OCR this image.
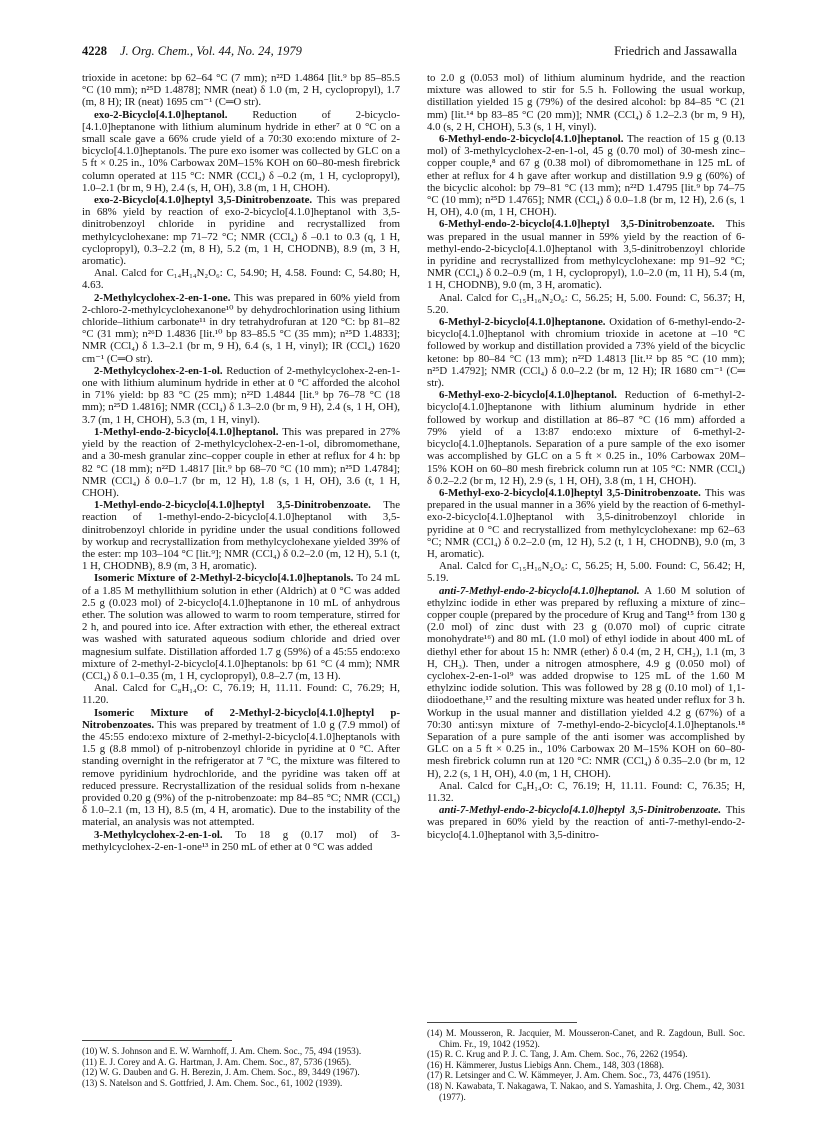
4228 J. Org. Chem., Vol. 44, No. 24, 1979	Friedrich and Jassawalla

trioxide in acetone: bp 62–64 °C (7 mm); n²²D 1.4864 [lit.⁹ bp 85–85.5 °C (10 mm); n²⁵D 1.4878]; NMR (neat) δ 1.0 (m, 2 H, cyclopropyl), 1.7 (m, 8 H); IR (neat) 1695 cm⁻¹ (C═O str).

exo-2-Bicyclo[4.1.0]heptanol. Reduction of 2-bicyclo-[4.1.0]heptanone with lithium aluminum hydride in ether⁷ at 0 °C on a small scale gave a 66% crude yield of a 70:30 exo:endo mixture of 2-bicyclo[4.1.0]heptanols. The pure exo isomer was collected by GLC on a 5 ft × 0.25 in., 10% Carbowax 20M–15% KOH on 60–80-mesh firebrick column operated at 115 °C: NMR (CCl₄) δ –0.2 (m, 1 H, cyclopropyl), 1.0–2.1 (br m, 9 H), 2.4 (s, H, OH), 3.8 (m, 1 H, CHOH).

exo-2-Bicyclo[4.1.0]heptyl 3,5-Dinitrobenzoate. This was prepared in 68% yield by reaction of exo-2-bicyclo[4.1.0]heptanol with 3,5-dinitrobenzoyl chloride in pyridine and recrystallized from methylcyclohexane: mp 71–72 °C; NMR (CCl₄) δ –0.1 to 0.3 (q, 1 H, cyclopropyl), 0.3–2.2 (m, 8 H), 5.2 (m, 1 H, CHODNB), 8.9 (m, 3 H, aromatic).

Anal. Calcd for C₁₄H₁₄N₂O₆: C, 54.90; H, 4.58. Found: C, 54.80; H, 4.63.

2-Methylcyclohex-2-en-1-one. This was prepared in 60% yield from 2-chloro-2-methylcyclohexanone¹⁰ by dehydrochlorination using lithium chloride–lithium carbonate¹¹ in dry tetrahydrofuran at 120 °C: bp 81–82 °C (31 mm); n²⁶D 1.4836 [lit.¹⁰ bp 83–85.5 °C (35 mm); n²⁵D 1.4833]; NMR (CCl₄) δ 1.3–2.1 (br m, 9 H), 6.4 (s, 1 H, vinyl); IR (CCl₄) 1620 cm⁻¹ (C═O str).

2-Methylcyclohex-2-en-1-ol. Reduction of 2-methylcyclohex-2-en-1-one with lithium aluminum hydride in ether at 0 °C afforded the alcohol in 71% yield: bp 83 °C (25 mm); n²²D 1.4844 [lit.⁹ bp 76–78 °C (18 mm); n²⁵D 1.4816]; NMR (CCl₄) δ 1.3–2.0 (br m, 9 H), 2.4 (s, 1 H, OH), 3.7 (m, 1 H, CHOH), 5.3 (m, 1 H, vinyl).

1-Methyl-endo-2-bicyclo[4.1.0]heptanol. This was prepared in 27% yield by the reaction of 2-methylcyclohex-2-en-1-ol, dibromomethane, and a 30-mesh granular zinc–copper couple in ether at reflux for 4 h: bp 82 °C (18 mm); n²²D 1.4817 [lit.⁹ bp 68–70 °C (10 mm); n²⁵D 1.4784]; NMR (CCl₄) δ 0.0–1.7 (br m, 12 H), 1.8 (s, 1 H, OH), 3.6 (t, 1 H, CHOH).

1-Methyl-endo-2-bicyclo[4.1.0]heptyl 3,5-Dinitrobenzoate. The reaction of 1-methyl-endo-2-bicyclo[4.1.0]heptanol with 3,5-dinitrobenzoyl chloride in pyridine under the usual conditions followed by workup and recrystallization from methylcyclohexane yielded 39% of the ester: mp 103–104 °C [lit.⁹]; NMR (CCl₄) δ 0.2–2.0 (m, 12 H), 5.1 (t, 1 H, CHODNB), 8.9 (m, 3 H, aromatic).

Isomeric Mixture of 2-Methyl-2-bicyclo[4.1.0]heptanols. To 24 mL of a 1.85 M methyllithium solution in ether (Aldrich) at 0 °C was added 2.5 g (0.023 mol) of 2-bicyclo[4.1.0]heptanone in 10 mL of anhydrous ether. The solution was allowed to warm to room temperature, stirred for 2 h, and poured into ice. After extraction with ether, the ethereal extract was washed with saturated aqueous sodium chloride and dried over magnesium sulfate. Distillation afforded 1.7 g (59%) of a 45:55 endo:exo mixture of 2-methyl-2-bicyclo[4.1.0]heptanols: bp 61 °C (4 mm); NMR (CCl₄) δ 0.1–0.35 (m, 1 H, cyclopropyl), 0.8–2.7 (m, 13 H).

Anal. Calcd for C₈H₁₄O: C, 76.19; H, 11.11. Found: C, 76.29; H, 11.20.

Isomeric Mixture of 2-Methyl-2-bicyclo[4.1.0]heptyl p-Nitrobenzoates. This was prepared by treatment of 1.0 g (7.9 mmol) of the 45:55 endo:exo mixture of 2-methyl-2-bicyclo[4.1.0]heptanols with 1.5 g (8.8 mmol) of p-nitrobenzoyl chloride in pyridine at 0 °C. After standing overnight in the refrigerator at 7 °C, the mixture was filtered to remove pyridinium hydrochloride, and the pyridine was taken off at reduced pressure. Recrystallization of the residual solids from n-hexane provided 0.20 g (9%) of the p-nitrobenzoate: mp 84–85 °C; NMR (CCl₄) δ 1.0–2.1 (m, 13 H), 8.5 (m, 4 H, aromatic). Due to the instability of the material, an analysis was not attempted.

3-Methylcyclohex-2-en-1-ol. To 18 g (0.17 mol) of 3-methylcyclohex-2-en-1-one¹³ in 250 mL of ether at 0 °C was added

to 2.0 g (0.053 mol) of lithium aluminum hydride, and the reaction mixture was allowed to stir for 5.5 h. Following the usual workup, distillation yielded 15 g (79%) of the desired alcohol: bp 84–85 °C (21 mm) [lit.¹⁴ bp 83–85 °C (20 mm)]; NMR (CCl₄) δ 1.2–2.3 (br m, 9 H), 4.0 (s, 2 H, CHOH), 5.3 (s, 1 H, vinyl).

6-Methyl-endo-2-bicyclo[4.1.0]heptanol. The reaction of 15 g (0.13 mol) of 3-methylcyclohex-2-en-1-ol, 45 g (0.70 mol) of 30-mesh zinc–copper couple,⁸ and 67 g (0.38 mol) of dibromomethane in 125 mL of ether at reflux for 4 h gave after workup and distillation 9.9 g (60%) of the bicyclic alcohol: bp 79–81 °C (13 mm); n²²D 1.4795 [lit.⁹ bp 74–75 °C (10 mm); n²⁵D 1.4765]; NMR (CCl₄) δ 0.0–1.8 (br m, 12 H), 2.6 (s, 1 H, OH), 4.0 (m, 1 H, CHOH).

6-Methyl-endo-2-bicyclo[4.1.0]heptyl 3,5-Dinitrobenzoate. This was prepared in the usual manner in 59% yield by the reaction of 6-methyl-endo-2-bicyclo[4.1.0]heptanol with 3,5-dinitrobenzoyl chloride in pyridine and recrystallized from methylcyclohexane: mp 91–92 °C; NMR (CCl₄) δ 0.2–0.9 (m, 1 H, cyclopropyl), 1.0–2.0 (m, 11 H), 5.4 (m, 1 H, CHODNB), 9.0 (m, 3 H, aromatic).

Anal. Calcd for C₁₅H₁₆N₂O₆: C, 56.25; H, 5.00. Found: C, 56.37; H, 5.20.

6-Methyl-2-bicyclo[4.1.0]heptanone. Oxidation of 6-methyl-endo-2-bicyclo[4.1.0]heptanol with chromium trioxide in acetone at –10 °C followed by workup and distillation provided a 73% yield of the bicyclic ketone: bp 80–84 °C (13 mm); n²²D 1.4813 [lit.¹² bp 85 °C (10 mm); n²⁵D 1.4792]; NMR (CCl₄) δ 0.0–2.2 (br m, 12 H); IR 1680 cm⁻¹ (C═ str).

6-Methyl-exo-2-bicyclo[4.1.0]heptanol. Reduction of 6-methyl-2-bicyclo[4.1.0]heptanone with lithium aluminum hydride in ether followed by workup and distillation at 86–87 °C (16 mm) afforded a 79% yield of a 13:87 endo:exo mixture of 6-methyl-2-bicyclo[4.1.0]heptanols. Separation of a pure sample of the exo isomer was accomplished by GLC on a 5 ft × 0.25 in., 10% Carbowax 20M–15% KOH on 60–80 mesh firebrick column run at 105 °C: NMR (CCl₄) δ 0.2–2.2 (br m, 12 H), 2.9 (s, 1 H, OH), 3.8 (m, 1 H, CHOH).

6-Methyl-exo-2-bicyclo[4.1.0]heptyl 3,5-Dinitrobenzoate. This was prepared in the usual manner in a 36% yield by the reaction of 6-methyl-exo-2-bicyclo[4.1.0]heptanol with 3,5-dinitrobenzoyl chloride in pyridine at 0 °C and recrystallized from methylcyclohexane: mp 62–63 °C; NMR (CCl₄) δ 0.2–2.0 (m, 12 H), 5.2 (t, 1 H, CHODNB), 9.0 (m, 3 H, aromatic).

Anal. Calcd for C₁₅H₁₆N₂O₆: C, 56.25; H, 5.00. Found: C, 56.42; H, 5.19.

anti-7-Methyl-endo-2-bicyclo[4.1.0]heptanol. A 1.60 M solution of ethylzinc iodide in ether was prepared by refluxing a mixture of zinc–copper couple (prepared by the procedure of Krug and Tang¹⁵ from 130 g (2.0 mol) of zinc dust with 23 g (0.070 mol) of cupric citrate monohydrate¹⁶) and 80 mL (1.0 mol) of ethyl iodide in about 400 mL of diethyl ether for about 15 h: NMR (ether) δ 0.4 (m, 2 H, CH₂), 1.1 (m, 3 H, CH₃). Then, under a nitrogen atmosphere, 4.9 g (0.050 mol) of cyclohex-2-en-1-ol⁹ was added dropwise to 125 mL of the 1.60 M ethylzinc iodide solution. This was followed by 28 g (0.10 mol) of 1,1-diiodoethane,¹⁷ and the resulting mixture was heated under reflux for 3 h. Workup in the usual manner and distillation yielded 4.2 g (67%) of a 70:30 anti:syn mixture of 7-methyl-endo-2-bicyclo[4.1.0]heptanols.¹⁸ Separation of a pure sample of the anti isomer was accomplished by GLC on a 5 ft × 0.25 in., 10% Carbowax 20 M–15% KOH on 60–80-mesh firebrick column run at 120 °C: NMR (CCl₄) δ 0.35–2.0 (br m, 12 H), 2.2 (s, 1 H, OH), 4.0 (m, 1 H, CHOH).

Anal. Calcd for C₈H₁₄O: C, 76.19; H, 11.11. Found: C, 76.35; H, 11.32.

anti-7-Methyl-endo-2-bicyclo[4.1.0]heptyl 3,5-Dinitrobenzoate. This was prepared in 60% yield by the reaction of anti-7-methyl-endo-2-bicyclo[4.1.0]heptanol with 3,5-dinitro-

(10) W. S. Johnson and E. W. Warnhoff, J. Am. Chem. Soc., 75, 494 (1953).

(11) E. J. Corey and A. G. Hartman, J. Am. Chem. Soc., 87, 5736 (1965).

(12) W. G. Dauben and G. H. Berezin, J. Am. Chem. Soc., 89, 3449 (1967).

(13) S. Natelson and S. Gottfried, J. Am. Chem. Soc., 61, 1002 (1939).

(14) M. Mousseron, R. Jacquier, M. Mousseron-Canet, and R. Zagdoun, Bull. Soc. Chim. Fr., 19, 1042 (1952).

(15) R. C. Krug and P. J. C. Tang, J. Am. Chem. Soc., 76, 2262 (1954).

(16) H. Kämmerer, Justus Liebigs Ann. Chem., 148, 303 (1868).

(17) R. Letsinger and C. W. Kämmeyer, J. Am. Chem. Soc., 73, 4476 (1951).

(18) N. Kawabata, T. Nakagawa, T. Nakao, and S. Yamashita, J. Org. Chem., 42, 3031 (1977).
